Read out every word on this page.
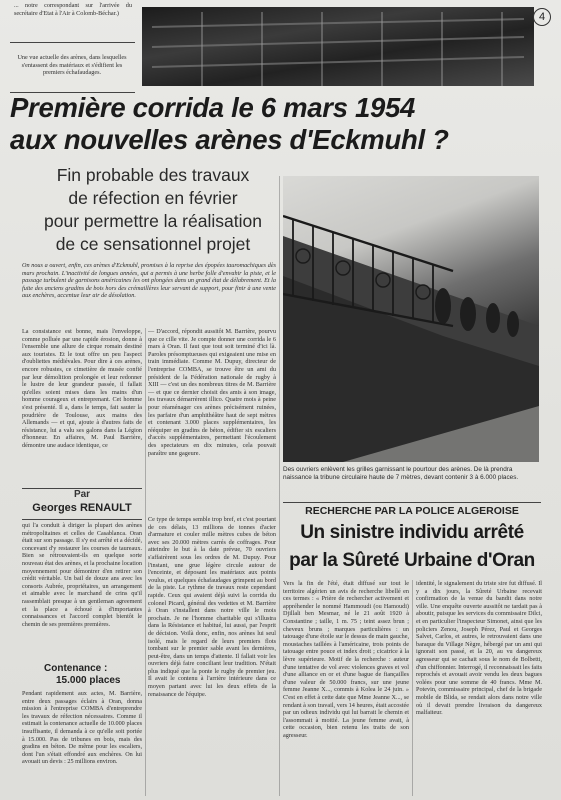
... notre correspondant sur l'arrivée du secrétaire d'Etat à l'Air à Colomb-Béchar.)
Une vue actuelle des arènes, dans lesquelles s'entassent des matériaux et s'édifient les premiers échafaudages.
4
Première corrida le 6 mars 1954
aux nouvelles arènes d'Eckmuhl ?
Fin probable des travaux
de réfection en février
pour permettre la réalisation
de ce sensationnel projet
On nous a ouvert, enfin, ces arènes d'Eckmuhl, promises à la reprise des épopées tauromachiques dès mars prochain. L'inactivité de longues années, qui a permis à une herbe folle d'envahir la piste, et le passage turbulent de garnisons américaines les ont plongées dans un grand état de délabrement. Et la fuite des anciens gradins de bois hors des crémaillères leur servant de support, pour finir à une vente aux enchères, accentue leur air de désolation.
La consistance est bonne, mais l'enveloppe, comme polluée par une rapide érosion, donne à l'ensemble une allure de cirque romain destiné aux touristes. Et le tout offre un peu l'aspect d'oubliettes médiévales. Pour dire à ces arènes, encore robustes, ce cimetière de musée confié par leur démolition prolongée et leur redonner le lustre de leur grandeur passée, il fallait qu'elles soient mises dans les mains d'un homme courageux et entreprenant. Cet homme s'est présenté. Il a, dans le temps, fait sauter la poudrière de Toulouse, aux mains des Allemands — et qui, ajoute à d'autres faits de résistance, lui a valu ses galons dans la Légion d'honneur. En affaires, M. Paul Barrière, démontre une audace identique, ce
Par
Georges RENAULT
qui l'a conduit à diriger la plupart des arènes métropolitaines et celles de Casablanca. Oran était sur son passage. Il s'y est arrêté et a décidé, concevant d'y restaurer les courses de taureaux. Bien se rétrouvaient-ils en quelque sorte nouveau état des arènes, et la prochaine location moyennement pour démontrer d'en retirer son crédit véritable. Un bail de douze ans avec les consorts Aubrée, propriétaires, un arrangement et aimable avec le marchand de crins qu'il rassemblait presque à un gentleman agreement et la place a échoué à d'importantes connaissances et l'accord complet bientôt le chemin de ses premières premières.
Contenance :
15.000 places
Pendant rapidement aux actes, M. Barrière, entre deux passages éclairs à Oran, donna mission à l'entreprise COMBA d'entreprendre les travaux de réfection nécessaires. Comme il estimait la contenance actuelle de 10.000 places insuffisante, il demanda à ce qu'elle soit portée à 15.000. Pas de tribunes en bois, mais des gradins en béton. De même pour les escaliers, dont l'un s'était effondré aux enchères. On lui avouait un devis : 25 millions environ.
— D'accord, répondit aussitôt M. Barrière, pourvu que ce cille vite. Je compte donner une corrida le 6 mars à Oran. Il faut que tout soit terminé d'ici là. Paroles présomptueuses qui exigeaient une mise en train immédiate. Comme M. Dupuy, directeur de l'entreprise COMBA, se trouve être un ami du président de la Fédération nationale de rugby à XIII — c'est un des nombreux titres de M. Barrière — et que ce dernier choisit des amis à son image, les travaux démarrèrent illico. Quatre mois à peine pour réaménager ces arènes précisément ruinées, les parfaire d'un amphithéâtre haut de sept mètres et contenant 3.000 places supplémentaires, les rééquiper en gradins de béton, édifier six escaliers d'accès supplémentaires, permettant l'écoulement des spectateurs en dix minutes, cela pouvait paraître une gageure.
Ce type de temps semble trop bref, et c'est pourtant de ces délais, 13 millions de tonnes d'acier d'armature et couler mille mètres cubes de béton avec ses 20.000 mètres carrés de coffrages. Pour atteindre le but à la date prévue, 70 ouvriers s'affairèrent sous les ordres de M. Dupuy. Pour l'instant, une grue légère circule autour de l'enceinte, et déposant les matériaux aux points voulus, et quelques échafaudages grimpent au bord de la piste. Le rythme de travaux reste cependant rapide. Ceux qui avaient déjà suivi la corrida du colonel Picard, général des vedettes et M. Barrière à Oran s'installent dans notre ville le mois prochain. Je ne l'homme charitable qui s'illustra dans la Résistance et habitué, lui aussi, par l'esprit de décision. Voilà donc, enfin, nos arènes lui seul isolé, mais le regard de leurs premiers flots tombant sur le premier sable avant les dernières, peut-être, dans un temps d'attente. Il fallait voir les ouvriers déjà faire conciliant leur tradition. N'était plus indiqué que la ponte le rugby de premier jeu. Il avait le contenu à l'arrière intérieure dans ce moyen partant avec lui les deux effets de la renaissance de l'équipe.
Des ouvriers enlèvent les grilles garnissant le pourtour des arènes. De là prendra naissance la tribune circulaire haute de 7 mètres, devant contenir 3 à 6.000 places.
RECHERCHE PAR LA POLICE ALGEROISE
Un sinistre individu arrêté
par la Sûreté Urbaine d'Oran
Vers la fin de l'été, était diffusé sur tout le territoire algérien un avis de recherche libellé en ces termes : « Prière de rechercher activement et appréhender le nommé Hammoudi (ou Hamoudi) Djillali ben Mesmar, né le 21 août 1920 à Constantine ; taille, 1 m. 75 ; teint assez brun ; cheveux bruns ; marques particulières : un tatouage d'une étoile sur le dessus de main gauche, moustaches taillées à l'américaine, trois points de tatouage entre pouce et index droit ; cicatrice à la lèvre supérieure. Motif de la recherche : auteur d'une tentative de vol avec violences graves et vol d'une alliance en or et d'une bague de fiançailles d'une valeur de 50.000 francs, sur une jeune femme Jeanne X..., commis à Kolea le 24 juin. » C'est en effet à cette date que Mme Jeanne X..., se rendant à son travail, vers 14 heures, était accostée par un odieux individu qui lui barrait le chemin et l'assommait à moitié. La jeune femme avait, à cette occasion, bien retenu les traits de son agresseur.
identité, le signalement du triste sire fut diffusé. Il y a dix jours, la Sûreté Urbaine recevait confirmation de la venue du bandit dans notre ville. Une enquête ouverte aussitôt ne tardait pas à aboutir, puisque les services du commissaire Dilci, et en particulier l'inspecteur Simonet, ainsi que les policiers Zenou, Joseph Pérez, Paul et Georges Salvet, Carlos, et autres, le retrouvaient dans une baraque du Village Nègre, hébergé par un ami qui ignorait son passé, et la 20, au vu dangereux agresseur qui se cachait sous le nom de Bolbetti, d'un chiffonnier. Interrogé, il reconnaissait les faits reprochés et avouait avoir vendu les deux bagues volées pour une somme de 40 francs. Mme M. Potevin, commissaire principal, chef de la brigade mobile de Blida, se rendait alors dans notre ville où il devait prendre livraison du dangereux malfaiteur.
